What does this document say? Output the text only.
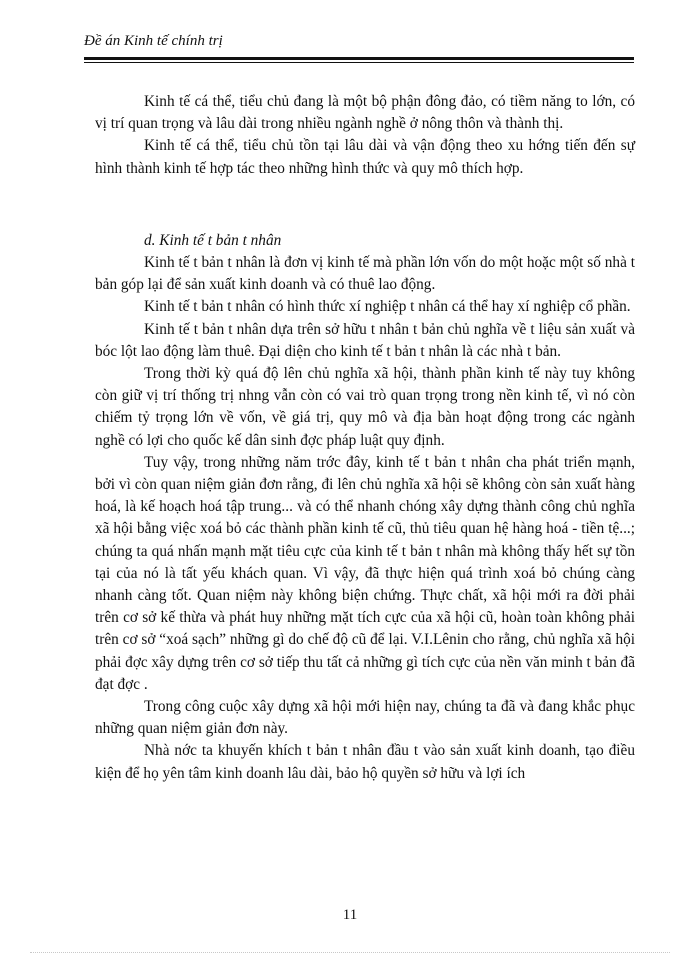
Đề án Kinh tế chính trị

Kinh tế cá thể, tiểu chủ đang là một bộ phận đông đảo, có tiềm năng to lớn, có vị trí quan trọng và lâu dài trong nhiều ngành nghề ở nông thôn và thành thị.

Kinh tế cá thể, tiểu chủ tồn tại lâu dài và vận động theo xu hớng tiến đến sự hình thành kinh tế hợp tác theo những hình thức và quy mô thích hợp.

d. Kinh tế t bản t nhân

Kinh tế t bản t nhân là đơn vị kinh tế mà phần lớn vốn do một hoặc một số nhà t bản góp lại để sản xuất kinh doanh và có thuê lao động.

Kinh tế t bản t nhân có hình thức xí nghiệp t nhân cá thể hay xí nghiệp cổ phần.

Kinh tế t bản t nhân dựa trên sở hữu t nhân t bản chủ nghĩa về t liệu sản xuất và bóc lột lao động làm thuê. Đại diện cho kinh tế t bản t nhân là các nhà t bản.

Trong thời kỳ quá độ lên chủ nghĩa xã hội, thành phần kinh tế này tuy không còn giữ vị trí thống trị nhng vẫn còn có vai trò quan trọng trong nền kinh tế, vì nó còn chiếm tỷ trọng lớn về vốn, về giá trị, quy mô và địa bàn hoạt động trong các ngành nghề có lợi cho quốc kế dân sinh đợc pháp luật quy định.

Tuy vậy, trong những năm trớc đây, kinh tế t bản t nhân cha phát triển mạnh, bởi vì còn quan niệm giản đơn rằng, đi lên chủ nghĩa xã hội sẽ không còn sản xuất hàng hoá, là kế hoạch hoá tập trung... và có thể nhanh chóng xây dựng thành công chủ nghĩa xã hội bằng việc xoá bỏ các thành phần kinh tế cũ, thủ tiêu quan hệ hàng hoá - tiền tệ...; chúng ta quá nhấn mạnh mặt tiêu cực của kinh tế t bản t nhân mà không thấy hết sự tồn tại của nó là tất yếu khách quan. Vì vậy, đã thực hiện quá trình xoá bỏ chúng càng nhanh càng tốt. Quan niệm này không biện chứng. Thực chất, xã hội mới ra đời phải trên cơ sở kế thừa và phát huy những mặt tích cực của xã hội cũ, hoàn toàn không phải trên cơ sở “xoá sạch” những gì do chế độ cũ để lại. V.I.Lênin cho rằng, chủ nghĩa xã hội phải đợc xây dựng trên cơ sở tiếp thu tất cả những gì tích cực của nền văn minh t bản đã đạt đợc .

Trong công cuộc xây dựng xã hội mới hiện nay, chúng ta đã và đang khắc phục những quan niệm giản đơn này.

Nhà nớc ta khuyến khích t bản t nhân đầu t vào sản xuất kinh doanh, tạo điều kiện để họ yên tâm kinh doanh lâu dài, bảo hộ quyền sở hữu và lợi ích

11
